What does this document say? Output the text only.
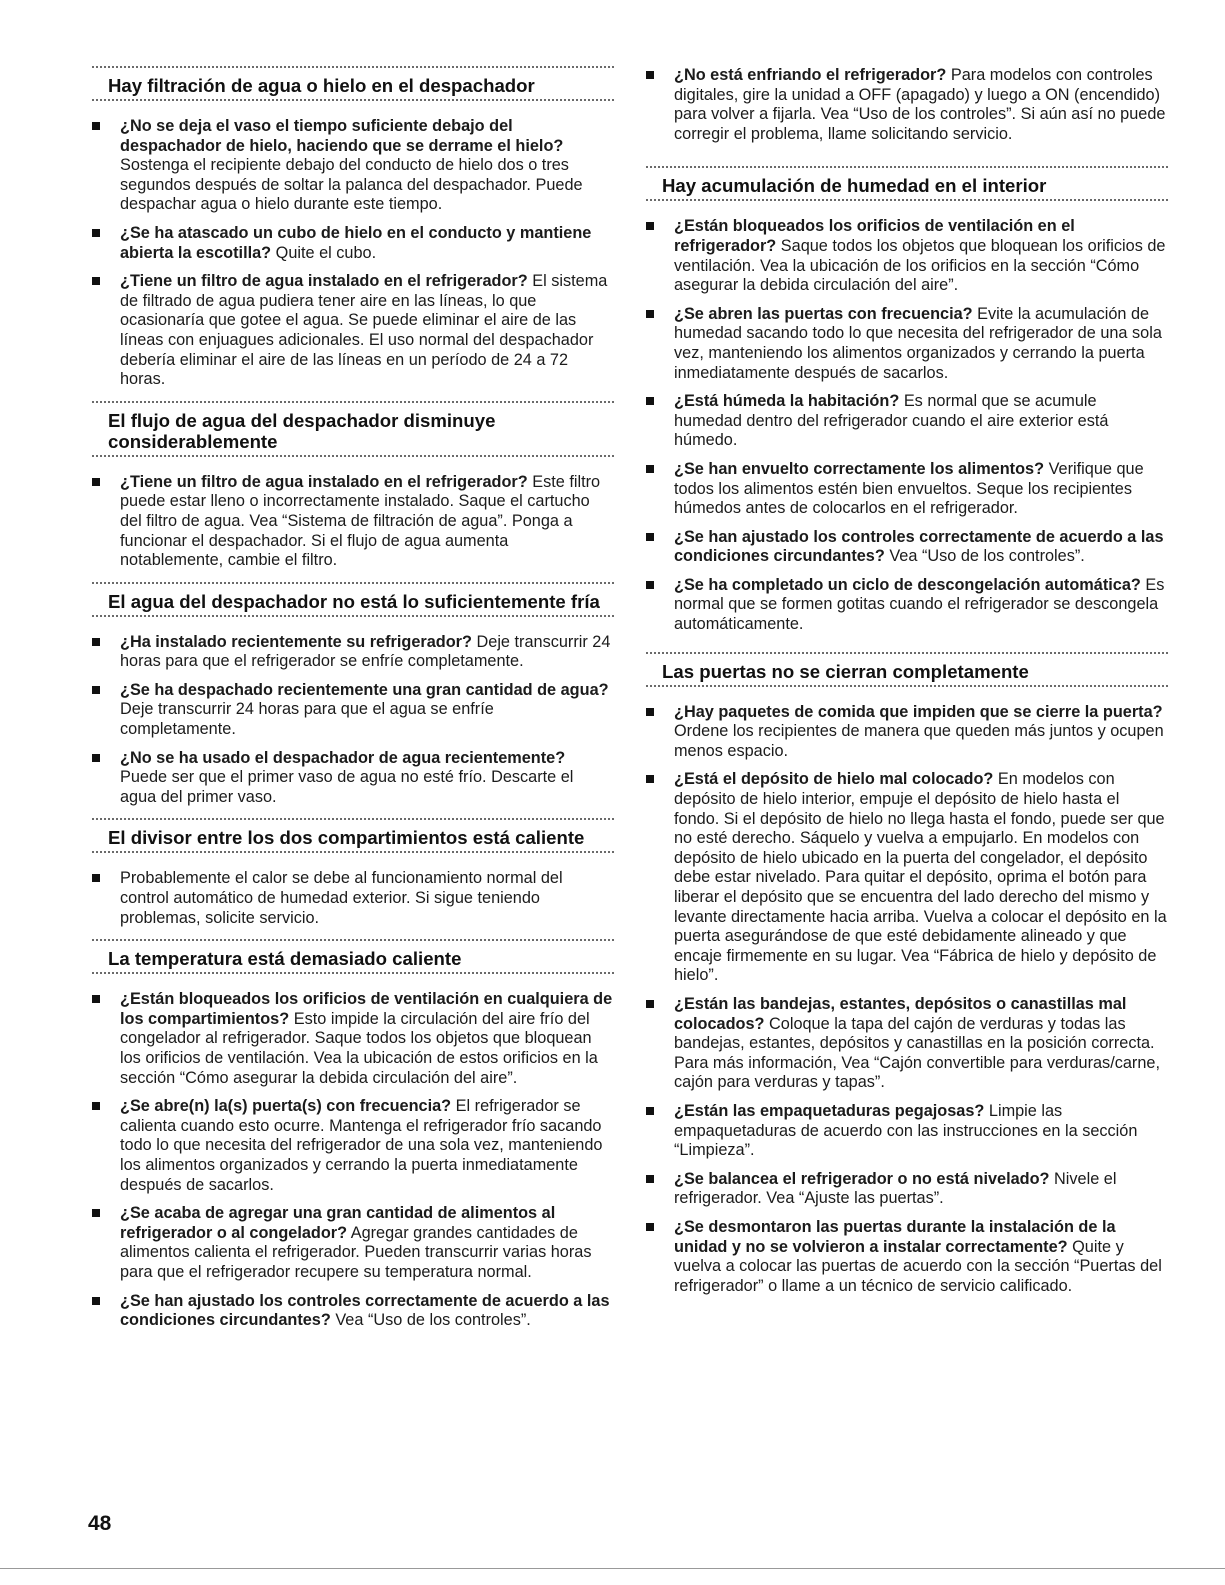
Hay filtración de agua o hielo en el despachador
¿No se deja el vaso el tiempo suficiente debajo del despachador de hielo, haciendo que se derrame el hielo? Sostenga el recipiente debajo del conducto de hielo dos o tres segundos después de soltar la palanca del despachador. Puede despachar agua o hielo durante este tiempo.
¿Se ha atascado un cubo de hielo en el conducto y mantiene abierta la escotilla? Quite el cubo.
¿Tiene un filtro de agua instalado en el refrigerador? El sistema de filtrado de agua pudiera tener aire en las líneas, lo que ocasionaría que gotee el agua. Se puede eliminar el aire de las líneas con enjuagues adicionales. El uso normal del despachador debería eliminar el aire de las líneas en un período de 24 a 72 horas.
El flujo de agua del despachador disminuye considerablemente
¿Tiene un filtro de agua instalado en el refrigerador? Este filtro puede estar lleno o incorrectamente instalado. Saque el cartucho del filtro de agua. Vea “Sistema de filtración de agua”. Ponga a funcionar el despachador. Si el flujo de agua aumenta notablemente, cambie el filtro.
El agua del despachador no está lo suficientemente fría
¿Ha instalado recientemente su refrigerador? Deje transcurrir 24 horas para que el refrigerador se enfríe completamente.
¿Se ha despachado recientemente una gran cantidad de agua? Deje transcurrir 24 horas para que el agua se enfríe completamente.
¿No se ha usado el despachador de agua recientemente? Puede ser que el primer vaso de agua no esté frío. Descarte el agua del primer vaso.
El divisor entre los dos compartimientos está caliente
Probablemente el calor se debe al funcionamiento normal del control automático de humedad exterior. Si sigue teniendo problemas, solicite servicio.
La temperatura está demasiado caliente
¿Están bloqueados los orificios de ventilación en cualquiera de los compartimientos? Esto impide la circulación del aire frío del congelador al refrigerador. Saque todos los objetos que bloquean los orificios de ventilación. Vea la ubicación de estos orificios en la sección “Cómo asegurar la debida circulación del aire”.
¿Se abre(n) la(s) puerta(s) con frecuencia? El refrigerador se calienta cuando esto ocurre. Mantenga el refrigerador frío sacando todo lo que necesita del refrigerador de una sola vez, manteniendo los alimentos organizados y cerrando la puerta inmediatamente después de sacarlos.
¿Se acaba de agregar una gran cantidad de alimentos al refrigerador o al congelador? Agregar grandes cantidades de alimentos calienta el refrigerador. Pueden transcurrir varias horas para que el refrigerador recupere su temperatura normal.
¿Se han ajustado los controles correctamente de acuerdo a las condiciones circundantes? Vea “Uso de los controles”.
¿No está enfriando el refrigerador? Para modelos con controles digitales, gire la unidad a OFF (apagado) y luego a ON (encendido) para volver a fijarla. Vea “Uso de los controles”. Si aún así no puede corregir el problema, llame solicitando servicio.
Hay acumulación de humedad en el interior
¿Están bloqueados los orificios de ventilación en el refrigerador? Saque todos los objetos que bloquean los orificios de ventilación. Vea la ubicación de los orificios en la sección “Cómo asegurar la debida circulación del aire”.
¿Se abren las puertas con frecuencia? Evite la acumulación de humedad sacando todo lo que necesita del refrigerador de una sola vez, manteniendo los alimentos organizados y cerrando la puerta inmediatamente después de sacarlos.
¿Está húmeda la habitación? Es normal que se acumule humedad dentro del refrigerador cuando el aire exterior está húmedo.
¿Se han envuelto correctamente los alimentos? Verifique que todos los alimentos estén bien envueltos. Seque los recipientes húmedos antes de colocarlos en el refrigerador.
¿Se han ajustado los controles correctamente de acuerdo a las condiciones circundantes? Vea “Uso de los controles”.
¿Se ha completado un ciclo de descongelación automática? Es normal que se formen gotitas cuando el refrigerador se descongela automáticamente.
Las puertas no se cierran completamente
¿Hay paquetes de comida que impiden que se cierre la puerta? Ordene los recipientes de manera que queden más juntos y ocupen menos espacio.
¿Está el depósito de hielo mal colocado? En modelos con depósito de hielo interior, empuje el depósito de hielo hasta el fondo. Si el depósito de hielo no llega hasta el fondo, puede ser que no esté derecho. Sáquelo y vuelva a empujarlo. En modelos con depósito de hielo ubicado en la puerta del congelador, el depósito debe estar nivelado. Para quitar el depósito, oprima el botón para liberar el depósito que se encuentra del lado derecho del mismo y levante directamente hacia arriba. Vuelva a colocar el depósito en la puerta asegurándose de que esté debidamente alineado y que encaje firmemente en su lugar. Vea “Fábrica de hielo y depósito de hielo”.
¿Están las bandejas, estantes, depósitos o canastillas mal colocados? Coloque la tapa del cajón de verduras y todas las bandejas, estantes, depósitos y canastillas en la posición correcta. Para más información, Vea “Cajón convertible para verduras/carne, cajón para verduras y tapas”.
¿Están las empaquetaduras pegajosas? Limpie las empaquetaduras de acuerdo con las instrucciones en la sección “Limpieza”.
¿Se balancea el refrigerador o no está nivelado? Nivele el refrigerador. Vea “Ajuste las puertas”.
¿Se desmontaron las puertas durante la instalación de la unidad y no se volvieron a instalar correctamente? Quite y vuelva a colocar las puertas de acuerdo con la sección “Puertas del refrigerador” o llame a un técnico de servicio calificado.
48
